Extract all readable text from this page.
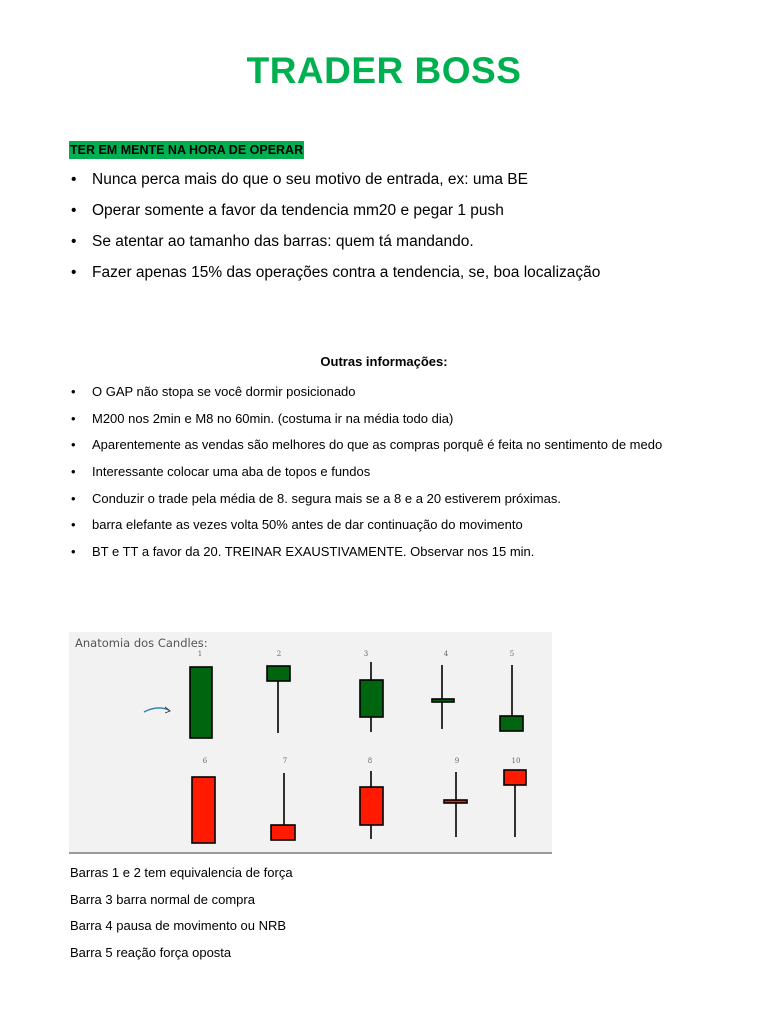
TRADER BOSS
TER EM MENTE NA HORA DE OPERAR
• Nunca perca mais do que o seu motivo de entrada, ex: uma BE
• Operar somente a favor da tendencia mm20 e pegar 1 push
• Se atentar ao tamanho das barras: quem tá mandando.
• Fazer apenas 15% das operações contra a tendencia, se, boa localização
Outras informações:
• O GAP não stopa se você dormir posicionado
• M200 nos 2min e M8 no 60min. (costuma ir na média todo dia)
• Aparentemente as vendas são melhores do que as compras porquê é feita no sentimento de medo
• Interessante colocar uma aba de topos e fundos
• Conduzir o trade pela média de 8. segura mais se a 8 e a 20 estiverem próximas.
• barra elefante as vezes volta 50% antes de dar continuação do movimento
• BT e TT a favor da 20. TREINAR EXAUSTIVAMENTE. Observar nos 15 min.
Anatomia dos Candles:
1	2	3	4	5
6	7	8	9	10

Barras 1 e 2 tem equivalencia de força

Barra 3 barra normal de compra

Barra 4 pausa de movimento ou NRB

Barra 5 reação força oposta
